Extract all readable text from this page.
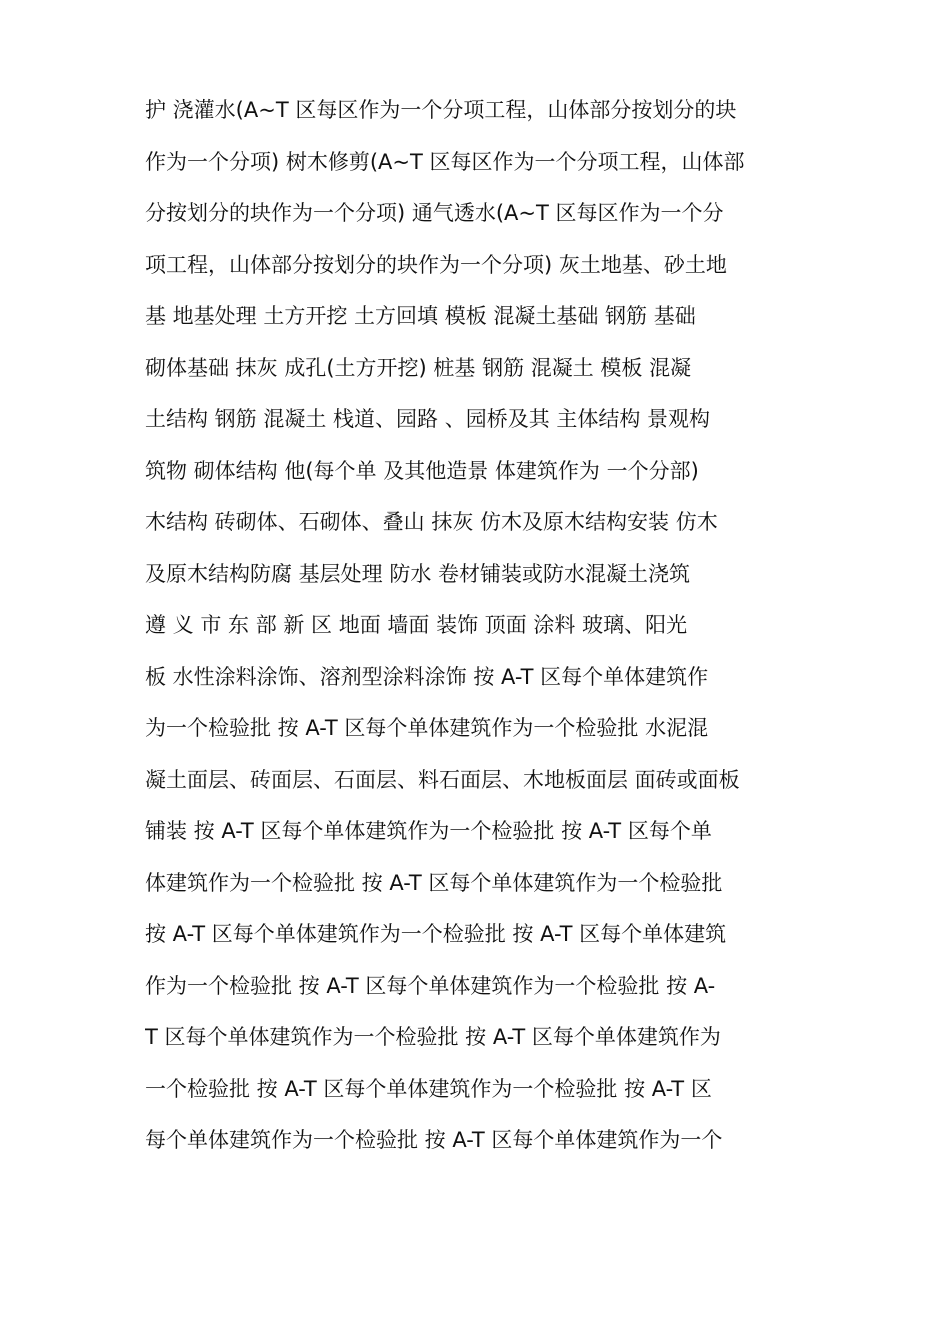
护 浇灌水(A~T 区每区作为一个分项工程，山体部分按划分的块
作为一个分项) 树木修剪(A~T 区每区作为一个分项工程，山体部
分按划分的块作为一个分项) 通气透水(A~T 区每区作为一个分
项工程，山体部分按划分的块作为一个分项) 灰土地基、砂土地
基 地基处理 土方开挖 土方回填 模板 混凝土基础 钢筋 基础
砌体基础 抹灰 成孔(土方开挖) 桩基 钢筋 混凝土 模板 混凝
土结构 钢筋 混凝土 栈道、园路 、园桥及其 主体结构 景观构
筑物 砌体结构 他(每个单 及其他造景 体建筑作为 一个分部)
木结构 砖砌体、石砌体、叠山 抹灰 仿木及原木结构安装 仿木
及原木结构防腐 基层处理 防水 卷材铺装或防水混凝土浇筑
遵 义 市 东 部 新 区 地面 墙面 装饰 顶面 涂料 玻璃、阳光
板 水性涂料涂饰、溶剂型涂料涂饰 按 A-T 区每个单体建筑作
为一个检验批 按 A-T 区每个单体建筑作为一个检验批 水泥混
凝土面层、砖面层、石面层、料石面层、木地板面层 面砖或面板
铺装 按 A-T 区每个单体建筑作为一个检验批 按 A-T 区每个单
体建筑作为一个检验批 按 A-T 区每个单体建筑作为一个检验批
按 A-T 区每个单体建筑作为一个检验批 按 A-T 区每个单体建筑
作为一个检验批 按 A-T 区每个单体建筑作为一个检验批 按 A-
T 区每个单体建筑作为一个检验批 按 A-T 区每个单体建筑作为
一个检验批 按 A-T 区每个单体建筑作为一个检验批 按 A-T 区
每个单体建筑作为一个检验批 按 A-T 区每个单体建筑作为一个
